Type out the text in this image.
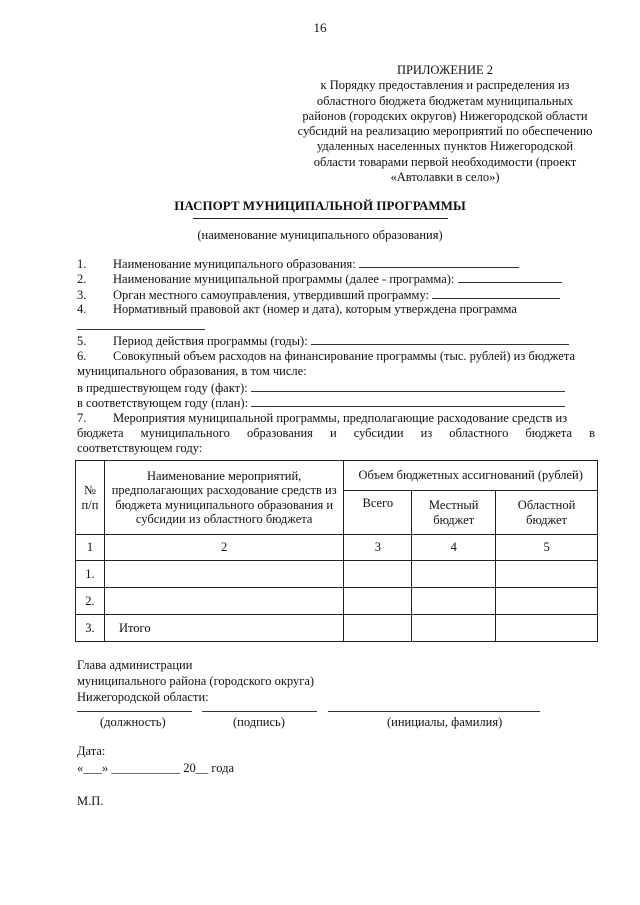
16
ПРИЛОЖЕНИЕ 2
к Порядку предоставления и распределения из
областного бюджета бюджетам муниципальных
районов (городских округов) Нижегородской области
субсидий на реализацию мероприятий по обеспечению
удаленных населенных пунктов Нижегородской
области товарами первой необходимости (проект
«Автолавки в село»)
ПАСПОРТ МУНИЦИПАЛЬНОЙ ПРОГРАММЫ
(наименование муниципального образования)
1. Наименование муниципального образования:
2. Наименование муниципальной программы (далее - программа):
3. Орган местного самоуправления, утвердивший программу:
4. Нормативный правовой акт (номер и дата), которым утверждена программа
5. Период действия программы (годы):
6. Совокупный объем расходов на финансирование программы (тыс. рублей) из бюджета
муниципального образования, в том числе:
в предшествующем году (факт):
в соответствующем году (план):
7. Мероприятия муниципальной программы, предполагающие расходование средств из
бюджета муниципального образования и субсидии из областного бюджета в
соответствующем году:
№ п/п	Наименование мероприятий, предполагающих расходование средств из бюджета муниципального образования и субсидии из областного бюджета	Объем бюджетных ассигнований (рублей)		
		Всего	Местный бюджет	Областной бюджет
1	2	3	4	5
1.				
2.				
3.	Итого			
Глава администрации
муниципального района (городского округа)
Нижегородской области:
(должность)	(подпись)	(инициалы, фамилия)
Дата:
«___» ___________ 20__ года
М.П.
